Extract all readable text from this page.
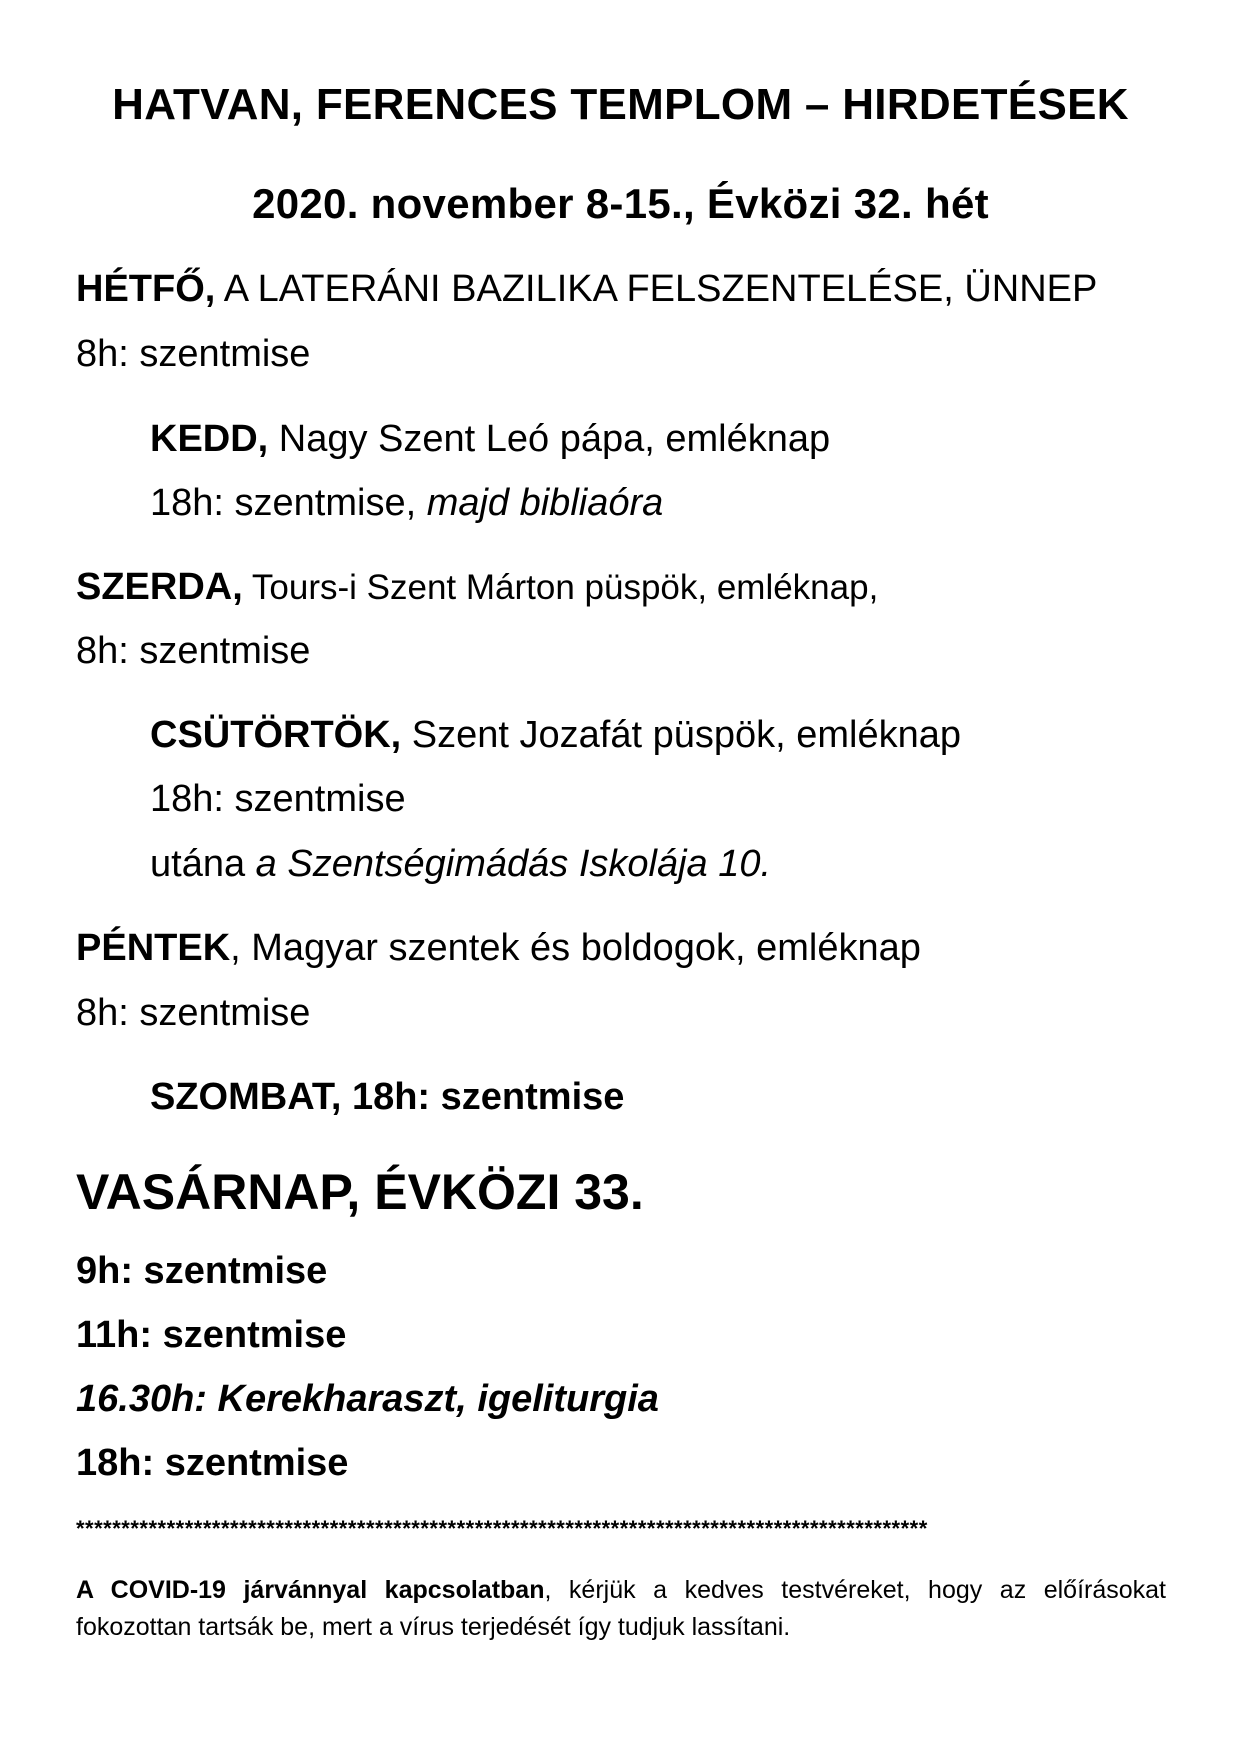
HATVAN, FERENCES TEMPLOM – HIRDETÉSEK
2020. november 8-15., Évközi 32. hét
HÉTFŐ, A LATERÁNI BAZILIKA FELSZENTELÉSE, ÜNNEP
8h: szentmise
KEDD, Nagy Szent Leó pápa, emléknap
18h: szentmise, majd bibliaóra
SZERDA, Tours-i Szent Márton püspök, emléknap,
8h: szentmise
CSÜTÖRTÖK, Szent Jozafát püspök, emléknap
18h: szentmise
utána a Szentségimádás Iskolája 10.
PÉNTEK, Magyar szentek és boldogok, emléknap
8h: szentmise
SZOMBAT, 18h: szentmise
VASÁRNAP, ÉVKÖZI 33.
9h: szentmise
11h: szentmise
16.30h: Kerekharaszt, igeliturgia
18h: szentmise
**********************************************************************************************
A COVID-19 járvánnyal kapcsolatban, kérjük a kedves testvéreket, hogy az előírásokat fokozottan tartsák be, mert a vírus terjedését így tudjuk lassítani.
